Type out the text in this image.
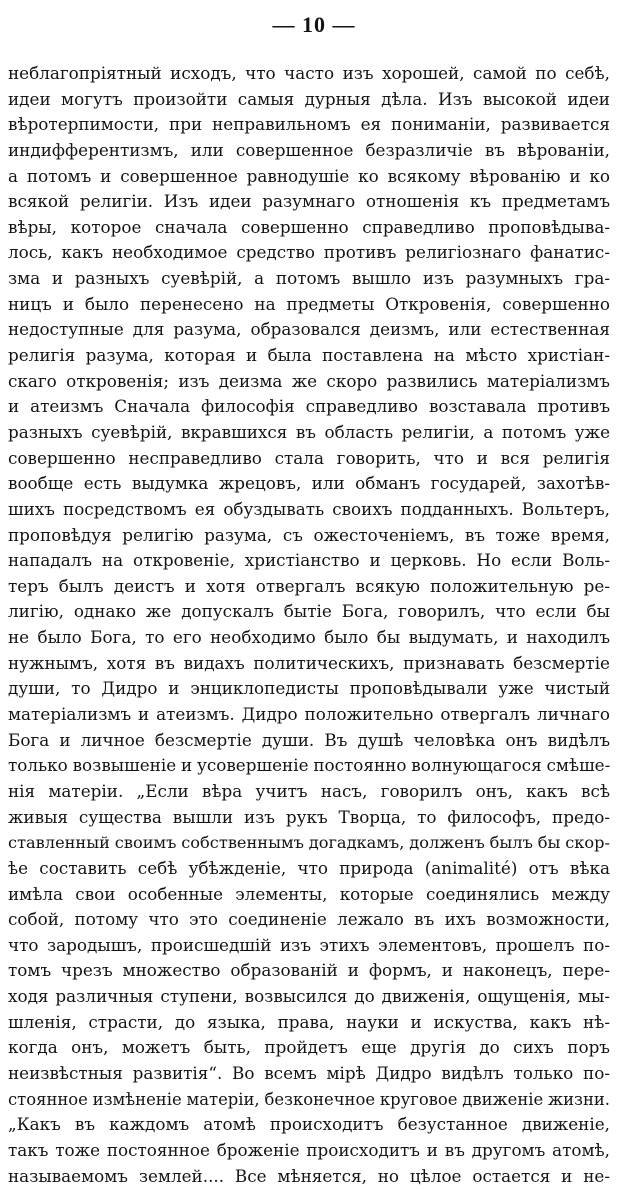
— 10 —
неблагопріятный исходъ, что часто изъ хорошей, самой по себѣ,
идеи могутъ произойти самыя дурныя дѣла. Изъ высокой идеи
вѣротерпимости, при неправильномъ ея пониманіи, развивается
индифферентизмъ, или совершенное безразличіе въ вѣрованіи,
а потомъ и совершенное равнодушіе ко всякому вѣрованію и ко
всякой религіи. Изъ идеи разумнаго отношенія къ предметамъ
вѣры, которое сначала совершенно справедливо проповѣдыва-
лось, какъ необходимое средство противъ религіознаго фанатис-
зма и разныхъ суевѣрій, а потомъ вышло изъ разумныхъ гра-
ницъ и было перенесено на предметы Откровенія, совершенно
недоступные для разума, образовался деизмъ, или естественная
религія разума, которая и была поставлена на мѣсто христіан-
скаго откровенія; изъ деизма же скоро развились матеріализмъ
и атеизмъ Сначала философія справедливо возставала противъ
разныхъ суевѣрій, вкравшихся въ область религіи, а потомъ уже
совершенно несправедливо стала говорить, что и вся религія
вообще есть выдумка жрецовъ, или обманъ государей, захотѣв-
шихъ посредствомъ ея обуздывать своихъ подданныхъ. Вольтеръ,
проповѣдуя религію разума, съ ожесточеніемъ, въ тоже время,
нападалъ на откровеніе, христіанство и церковь. Но если Воль-
теръ былъ деистъ и хотя отвергалъ всякую положительную ре-
лигію, однако же допускалъ бытіе Бога, говорилъ, что если бы
не было Бога, то его необходимо было бы выдумать, и находилъ
нужнымъ, хотя въ видахъ политическихъ, признавать безсмертіе
души, то Дидро и энциклопедисты проповѣдывали уже чистый
матеріализмъ и атеизмъ. Дидро положительно отвергалъ личнаго
Бога и личное безсмертіе души. Въ душѣ человѣка онъ видѣлъ
только возвышеніе и усовершеніе постоянно волнующагося смѣше-
нія матеріи. „Если вѣра учитъ насъ, говорилъ онъ, какъ всѣ
живыя существа вышли изъ рукъ Творца, то философъ, предо-
ставленный своимъ собственнымъ догадкамъ, долженъ былъ бы скор-
ѣе составить себѣ убѣжденіе, что природа (animalité) отъ вѣка
имѣла свои особенные элементы, которые соединялись между
собой, потому что это соединеніе лежало въ ихъ возможности,
что зародышъ, происшедшій изъ этихъ элементовъ, прошелъ по-
томъ чрезъ множество образованій и формъ, и наконецъ, пере-
ходя различныя ступени, возвысился до движенія, ощущенія, мы-
шленія, страсти, до языка, права, науки и искуства, какъ нѣ-
когда онъ, можетъ быть, пройдетъ еще другія до сихъ поръ
неизвѣстныя развитія“. Во всемъ мірѣ Дидро видѣлъ только по-
стоянное измѣненіе матеріи, безконечное круговое движеніе жизни.
„Какъ въ каждомъ атомѣ происходитъ безустанное движеніе,
такъ тоже постоянное броженіе происходитъ и въ другомъ атомѣ,
называемомъ землей.... Все мѣняется, но цѣлое остается и не-
